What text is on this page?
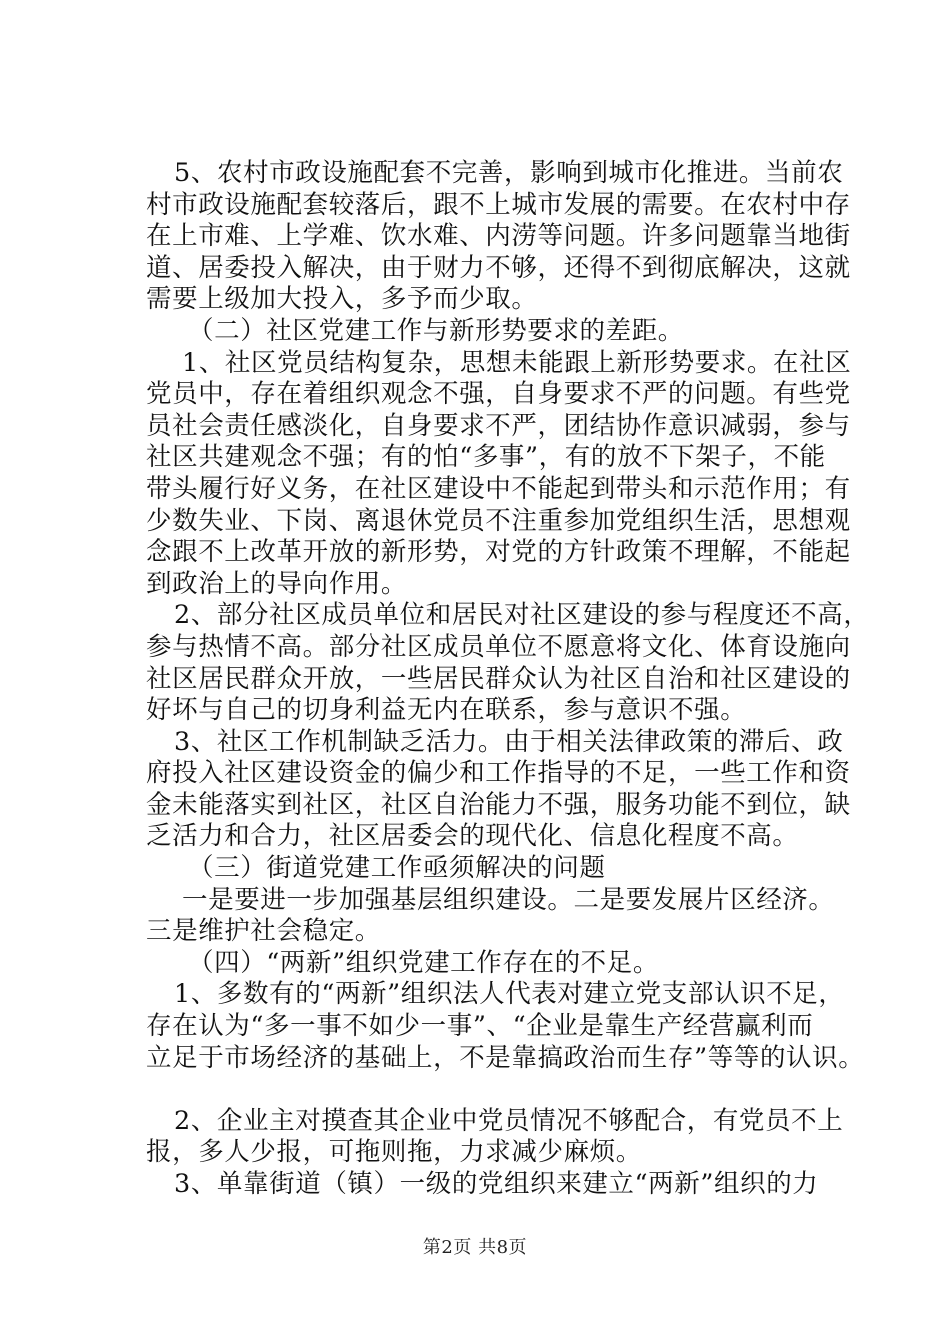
5、农村市政设施配套不完善，影响到城市化推进。当前农
村市政设施配套较落后，跟不上城市发展的需要。在农村中存
在上市难、上学难、饮水难、内涝等问题。许多问题靠当地街
道、居委投入解决，由于财力不够，还得不到彻底解决，这就
需要上级加大投入，多予而少取。
（二）社区党建工作与新形势要求的差距。
1、社区党员结构复杂，思想未能跟上新形势要求。在社区
党员中，存在着组织观念不强，自身要求不严的问题。有些党
员社会责任感淡化，自身要求不严，团结协作意识减弱，参与
社区共建观念不强；有的怕“多事”，有的放不下架子，不能
带头履行好义务，在社区建设中不能起到带头和示范作用；有
少数失业、下岗、离退休党员不注重参加党组织生活，思想观
念跟不上改革开放的新形势，对党的方针政策不理解，不能起
到政治上的导向作用。
2、部分社区成员单位和居民对社区建设的参与程度还不高，
参与热情不高。部分社区成员单位不愿意将文化、体育设施向
社区居民群众开放，一些居民群众认为社区自治和社区建设的
好坏与自己的切身利益无内在联系，参与意识不强。
3、社区工作机制缺乏活力。由于相关法律政策的滞后、政
府投入社区建设资金的偏少和工作指导的不足，一些工作和资
金未能落实到社区，社区自治能力不强，服务功能不到位，缺
乏活力和合力，社区居委会的现代化、信息化程度不高。
（三）街道党建工作亟须解决的问题
一是要进一步加强基层组织建设。二是要发展片区经济。
三是维护社会稳定。
（四）“两新”组织党建工作存在的不足。
1、多数有的“两新”组织法人代表对建立党支部认识不足，
存在认为“多一事不如少一事”、“企业是靠生产经营赢利而
立足于市场经济的基础上，不是靠搞政治而生存”等等的认识。
2、企业主对摸查其企业中党员情况不够配合，有党员不上
报，多人少报，可拖则拖，力求减少麻烦。
3、单靠街道（镇）一级的党组织来建立“两新”组织的力
第2页 共8页
